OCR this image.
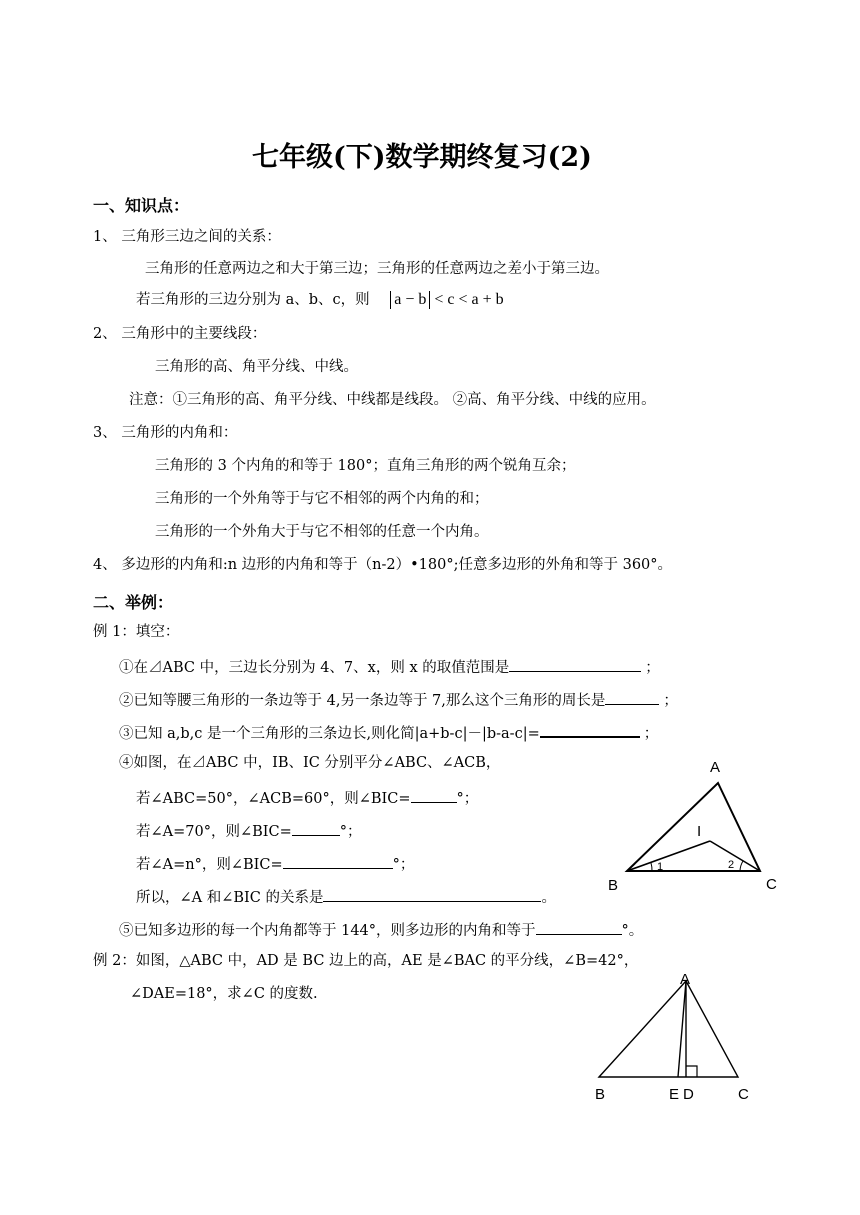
七年级(下)数学期终复习(2)
一、知识点：
1、 三角形三边之间的关系：
三角形的任意两边之和大于第三边；三角形的任意两边之差小于第三边。
若三角形的三边分别为 a、b、c，则 a − b < c < a + b
2、 三角形中的主要线段：
三角形的高、角平分线、中线。
注意：①三角形的高、角平分线、中线都是线段。 ②高、角平分线、中线的应用。
3、 三角形的内角和：
三角形的 3 个内角的和等于 180°；直角三角形的两个锐角互余；
三角形的一个外角等于与它不相邻的两个内角的和；
三角形的一个外角大于与它不相邻的任意一个内角。
4、 多边形的内角和:n 边形的内角和等于（n-2）•180°;任意多边形的外角和等于 360°。
二、举例：
例 1：填空：
①在⊿ABC 中，三边长分别为 4、7、x，则 x 的取值范围是	；
②已知等腰三角形的一条边等于 4,另一条边等于 7,那么这个三角形的周长是	；
③已知 a,b,c 是一个三角形的三条边长,则化简|a+b-c|－|b-a-c|=	；
④如图，在⊿ABC 中，IB、IC 分别平分∠ABC、∠ACB，
若∠ABC=50°，∠ACB=60°，则∠BIC=	°；
若∠A=70°，则∠BIC=	°；
若∠A=n°，则∠BIC=	°；
所以，∠A 和∠BIC 的关系是	。
⑤已知多边形的每一个内角都等于 144°，则多边形的内角和等于	°。
例 2：如图，△ABC 中，AD 是 BC 边上的高，AE 是∠BAC 的平分线，∠B=42°，
∠DAE=18°，求∠C 的度数.
A
B	C
I
1	2
A
B	E D	C
